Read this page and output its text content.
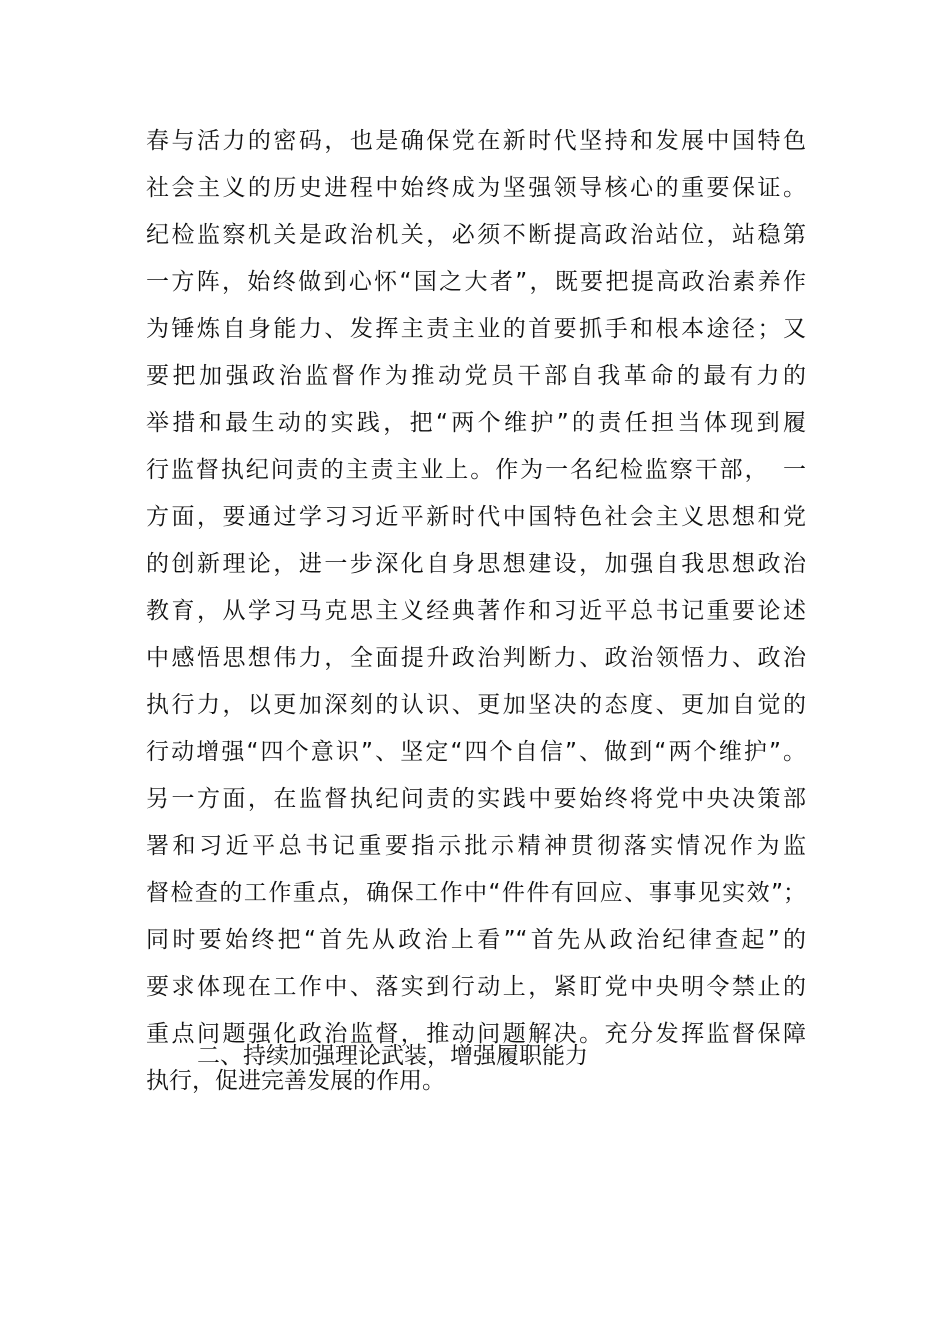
春与活力的密码，也是确保党在新时代坚持和发展中国特色
社会主义的历史进程中始终成为坚强领导核心的重要保证。
纪检监察机关是政治机关，必须不断提高政治站位，站稳第
一方阵，始终做到心怀“国之大者”，既要把提高政治素养作
为锤炼自身能力、发挥主责主业的首要抓手和根本途径；又
要把加强政治监督作为推动党员干部自我革命的最有力的
举措和最生动的实践，把“两个维护”的责任担当体现到履
行监督执纪问责的主责主业上。作为一名纪检监察干部，　一
方面，要通过学习习近平新时代中国特色社会主义思想和党
的创新理论，进一步深化自身思想建设，加强自我思想政治
教育，从学习马克思主义经典著作和习近平总书记重要论述
中感悟思想伟力，全面提升政治判断力、政治领悟力、政治
执行力，以更加深刻的认识、更加坚决的态度、更加自觉的
行动增强“四个意识”、坚定“四个自信”、做到“两个维护”。
另一方面，在监督执纪问责的实践中要始终将党中央决策部
署和习近平总书记重要指示批示精神贯彻落实情况作为监
督检查的工作重点，确保工作中“件件有回应、事事见实效”；
同时要始终把“首先从政治上看”“首先从政治纪律查起”的
要求体现在工作中、落实到行动上，紧盯党中央明令禁止的
重点问题强化政治监督，推动问题解决。充分发挥监督保障
执行，促进完善发展的作用。
二、持续加强理论武装，增强履职能力
